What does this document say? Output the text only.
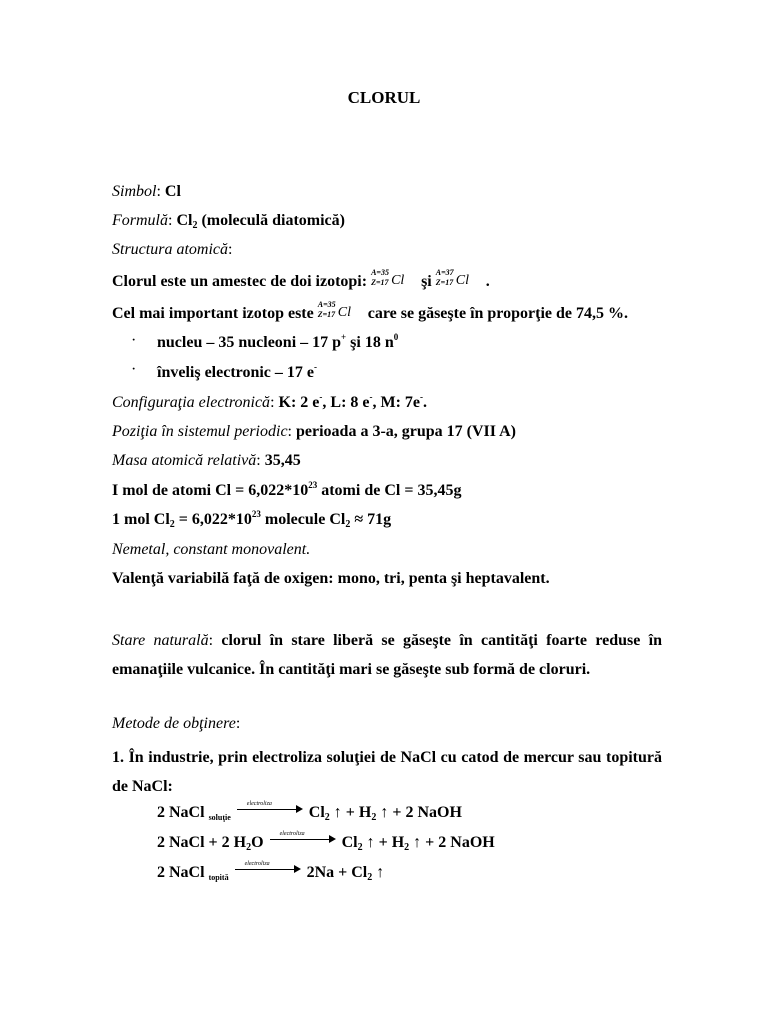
CLORUL
Simbol: Cl
Formulă: $Cl_2$ (moleculă diatomică)
Structura atomică:
Clorul este un amestec de doi izotopi:
A=35
Z=17 Cl şi
A=37
Z=17 Cl .
Cel mai important izotop este
A=35
Z=17 Cl care se găseşte în proporţie de 74,5 %.
·	nucleu – 35 nucleoni – 17 p+ şi 18 $n^0$
·	înveliş electronic – 17 e-
Configuraţia electronică: K: 2 e-, L: 8 e-, M: 7e-.
Poziţia în sistemul periodic: perioada a 3-a, grupa 17 (VII A)
Masa atomică relativă: 35,45
I mol de atomi $Cl = 6,022*10^{23}$ atomi de Cl = 35,45g
1 mol $Cl_2 = 6,022*10^{23}$ molecule $Cl_2 \approx 71g$
Nemetal, constant monovalent.
Valenţă variabilă faţă de oxigen: mono, tri, penta şi heptavalent.
Stare naturală: clorul în stare liberă se găseşte în cantităţi foarte reduse în emanaţiile vulcanice. În cantităţi mari se găseşte sub formă de cloruri.
Metode de obţinere:
1. În industrie, prin electroliza soluţiei de NaCl cu catod de mercur sau topitură de NaCl:
2 NaCl soluţie
electroliza $Cl_2$ ↑ + $H_2$ ↑ + 2 NaOH
2 NaCl + 2 $H_2O$ electroliza $Cl_2$ ↑ + $H_2$ ↑ + 2 NaOH
2 NaCl topită
electroliza $2Na + Cl_2$ ↑
